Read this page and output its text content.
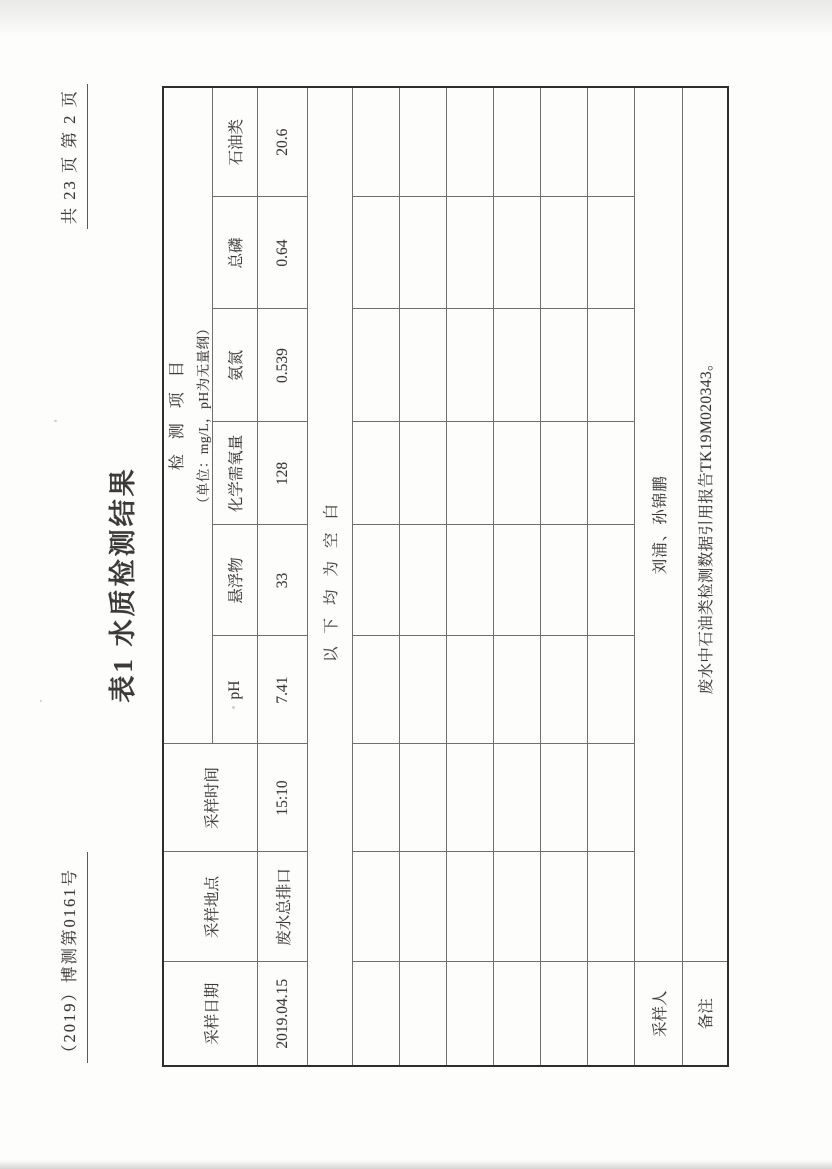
（2019）博测第0161号
共 23 页 第 2 页
表1 水质检测结果
采样日期	采样地点	采样时间	检测项目 （单位：mg/L，pH为无量纲）					

			pH	悬浮物	化学需氧量	氨氮	总磷	石油类
2019.04.15	废水总排口	15:10	7.41	33	128	0.539	0.64	20.6
以下均为空白								

采样人	刘浦、孙锦鹏							
备注	废水中石油类检测数据引用报告TK19M020343。							
